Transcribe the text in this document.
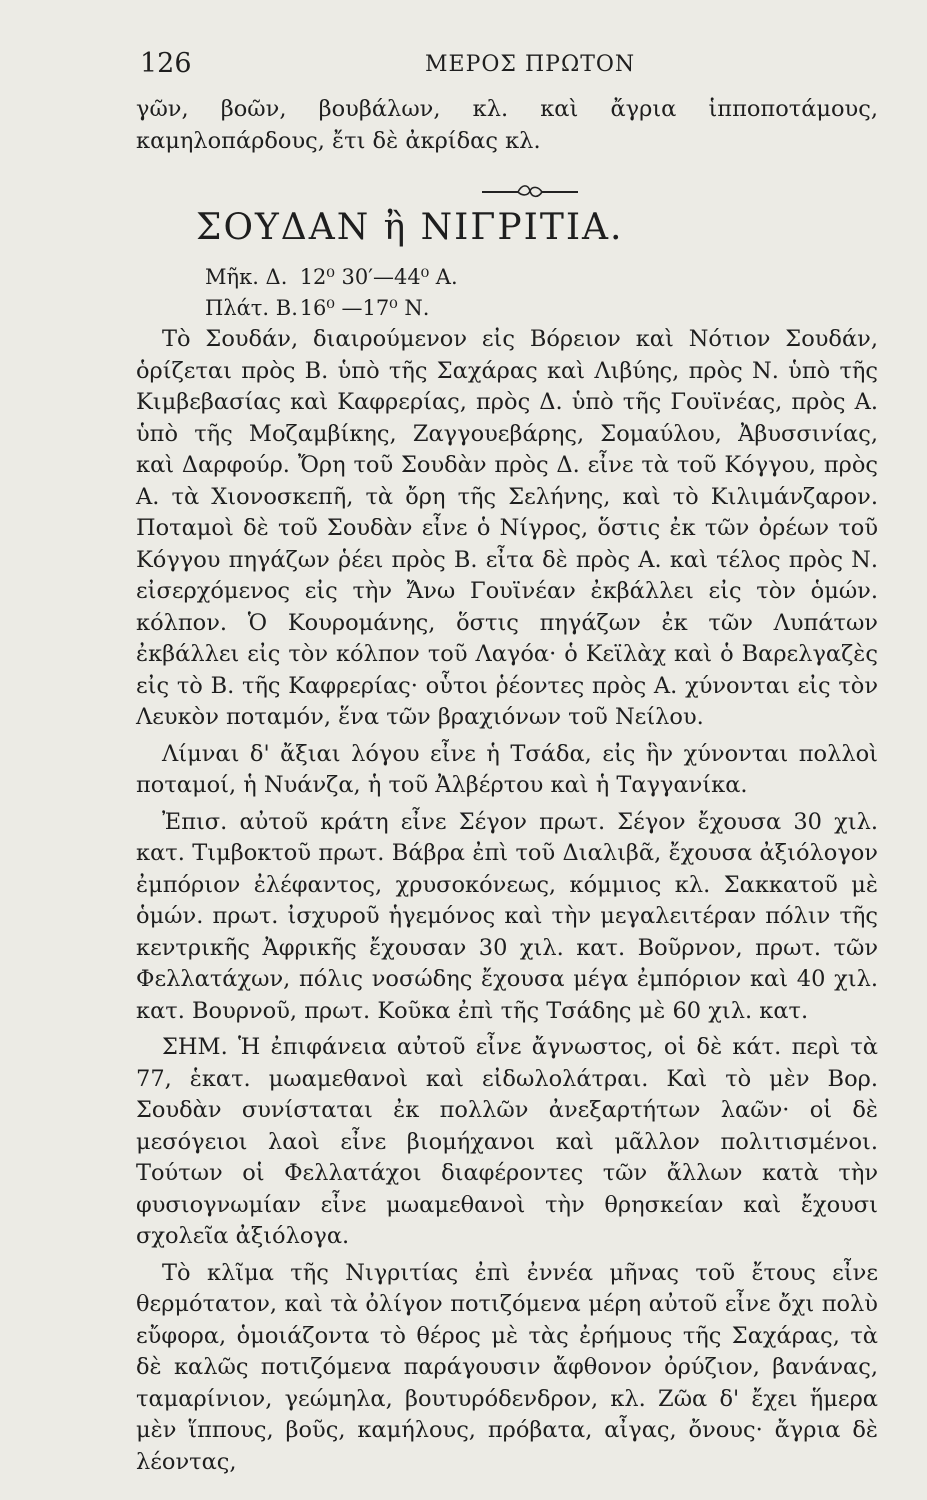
126	ΜΕΡΟΣ ΠΡΩΤΟΝ

γῶν, βοῶν, βουβάλων, κλ. καὶ ἄγρια ἱπποποτάμους, καμηλοπάρδους, ἔτι δὲ ἀκρίδας κλ.

ΣΟΥΔΑΝ ἢ ΝΙΓΡΙΤΙΑ.
Μῆκ. Δ. 12⁰ 30′—44⁰ Α.
Πλάτ. Β. 16⁰ —17⁰ Ν.

Τὸ Σουδάν, διαιρούμενον εἰς Βόρειον καὶ Νότιον Σουδάν, ὁρίζεται πρὸς Β. ὑπὸ τῆς Σαχάρας καὶ Λιβύης, πρὸς Ν. ὑπὸ τῆς Κιμβεβασίας καὶ Καφρερίας, πρὸς Δ. ὑπὸ τῆς Γουϊνέας, πρὸς Α. ὑπὸ τῆς Μοζαμβίκης, Ζαγγουεβάρης, Σομαύλου, Ἀβυσσινίας, καὶ Δαρφούρ. Ὄρη τοῦ Σουδὰν πρὸς Δ. εἶνε τὰ τοῦ Κόγγου, πρὸς Α. τὰ Χιονοσκεπῆ, τὰ ὄρη τῆς Σελήνης, καὶ τὸ Κιλιμάνζαρον. Ποταμοὶ δὲ τοῦ Σουδὰν εἶνε ὁ Νίγρος, ὅστις ἐκ τῶν ὀρέων τοῦ Κόγγου πηγάζων ῥέει πρὸς Β. εἶτα δὲ πρὸς Α. καὶ τέλος πρὸς Ν. εἰσερχόμενος εἰς τὴν Ἄνω Γουϊνέαν ἐκβάλλει εἰς τὸν ὁμών. κόλπον. Ὁ Κουρομάνης, ὅστις πηγάζων ἐκ τῶν Λυπάτων ἐκβάλλει εἰς τὸν κόλπον τοῦ Λαγόα· ὁ Κεϊλὰχ καὶ ὁ Βαρελγαζὲς εἰς τὸ Β. τῆς Καφρερίας· οὗτοι ῥέοντες πρὸς Α. χύνονται εἰς τὸν Λευκὸν ποταμόν, ἕνα τῶν βραχιόνων τοῦ Νείλου.

Λίμναι δ' ἄξιαι λόγου εἶνε ἡ Τσάδα, εἰς ἣν χύνονται πολλοὶ ποταμοί, ἡ Νυάνζα, ἡ τοῦ Ἀλβέρτου καὶ ἡ Ταγγανίκα.

Ἐπισ. αὐτοῦ κράτη εἶνε Σέγον πρωτ. Σέγον ἔχουσα 30 χιλ. κατ. Τιμβοκτοῦ πρωτ. Βάβρα ἐπὶ τοῦ Διαλιβᾶ, ἔχουσα ἀξιόλογον ἐμπόριον ἐλέφαντος, χρυσοκόνεως, κόμμιος κλ. Σακκατοῦ μὲ ὁμών. πρωτ. ἰσχυροῦ ἡγεμόνος καὶ τὴν μεγαλειτέραν πόλιν τῆς κεντρικῆς Ἀφρικῆς ἔχουσαν 30 χιλ. κατ. Βοῦρνον, πρωτ. τῶν Φελλατάχων, πόλις νοσώδης ἔχουσα μέγα ἐμπόριον καὶ 40 χιλ. κατ. Βουρνοῦ, πρωτ. Κοῦκα ἐπὶ τῆς Τσάδης μὲ 60 χιλ. κατ.

ΣΗΜ. Ἡ ἐπιφάνεια αὐτοῦ εἶνε ἄγνωστος, οἱ δὲ κάτ. περὶ τὰ 77, ἑκατ. μωαμεθανοὶ καὶ εἰδωλολάτραι. Καὶ τὸ μὲν Βορ. Σουδὰν συνίσταται ἐκ πολλῶν ἀνεξαρτήτων λαῶν· οἱ δὲ μεσόγειοι λαοὶ εἶνε βιομήχανοι καὶ μᾶλλον πολιτισμένοι. Τούτων οἱ Φελλατάχοι διαφέροντες τῶν ἄλλων κατὰ τὴν φυσιογνωμίαν εἶνε μωαμεθανοὶ τὴν θρησκείαν καὶ ἔχουσι σχολεῖα ἀξιόλογα.

Τὸ κλῖμα τῆς Νιγριτίας ἐπὶ ἐννέα μῆνας τοῦ ἔτους εἶνε θερμότατον, καὶ τὰ ὀλίγον ποτιζόμενα μέρη αὐτοῦ εἶνε ὄχι πολὺ εὔφορα, ὁμοιάζοντα τὸ θέρος μὲ τὰς ἐρήμους τῆς Σαχάρας, τὰ δὲ καλῶς ποτιζόμενα παράγουσιν ἄφθονον ὀρύζιον, βανάνας, ταμαρίνιον, γεώμηλα, βουτυρόδενδρον, κλ. Ζῶα δ' ἔχει ἥμερα μὲν ἵππους, βοῦς, καμήλους, πρόβατα, αἶγας, ὄνους· ἄγρια δὲ λέοντας,
